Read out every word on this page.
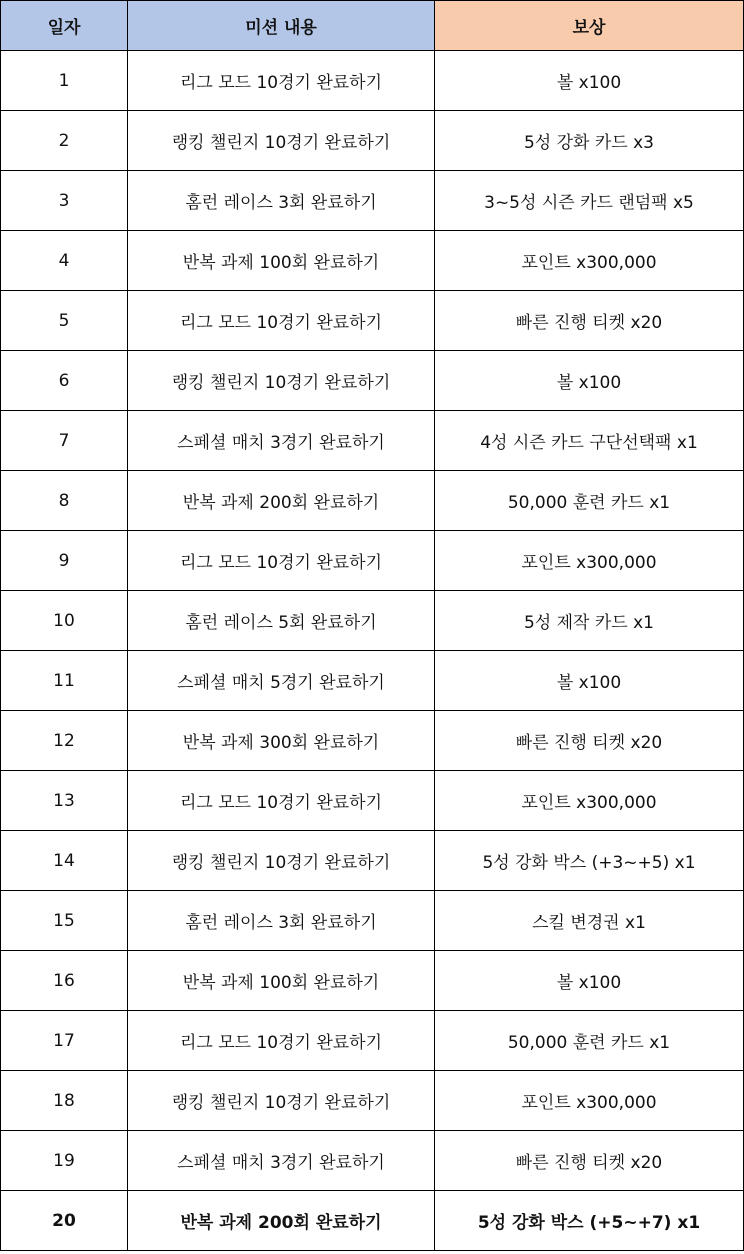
일자	미션 내용	보상
1	리그 모드 10경기 완료하기	볼 x100
2	랭킹 챌린지 10경기 완료하기	5성 강화 카드 x3
3	홈런 레이스 3회 완료하기	3~5성 시즌 카드 랜덤팩 x5
4	반복 과제 100회 완료하기	포인트 x300,000
5	리그 모드 10경기 완료하기	빠른 진행 티켓 x20
6	랭킹 챌린지 10경기 완료하기	볼 x100
7	스페셜 매치 3경기 완료하기	4성 시즌 카드 구단선택팩 x1
8	반복 과제 200회 완료하기	50,000 훈련 카드 x1
9	리그 모드 10경기 완료하기	포인트 x300,000
10	홈런 레이스 5회 완료하기	5성 제작 카드 x1
11	스페셜 매치 5경기 완료하기	볼 x100
12	반복 과제 300회 완료하기	빠른 진행 티켓 x20
13	리그 모드 10경기 완료하기	포인트 x300,000
14	랭킹 챌린지 10경기 완료하기	5성 강화 박스 (+3~+5) x1
15	홈런 레이스 3회 완료하기	스킬 변경권 x1
16	반복 과제 100회 완료하기	볼 x100
17	리그 모드 10경기 완료하기	50,000 훈련 카드 x1
18	랭킹 챌린지 10경기 완료하기	포인트 x300,000
19	스페셜 매치 3경기 완료하기	빠른 진행 티켓 x20
20	반복 과제 200회 완료하기	5성 강화 박스 (+5~+7) x1
